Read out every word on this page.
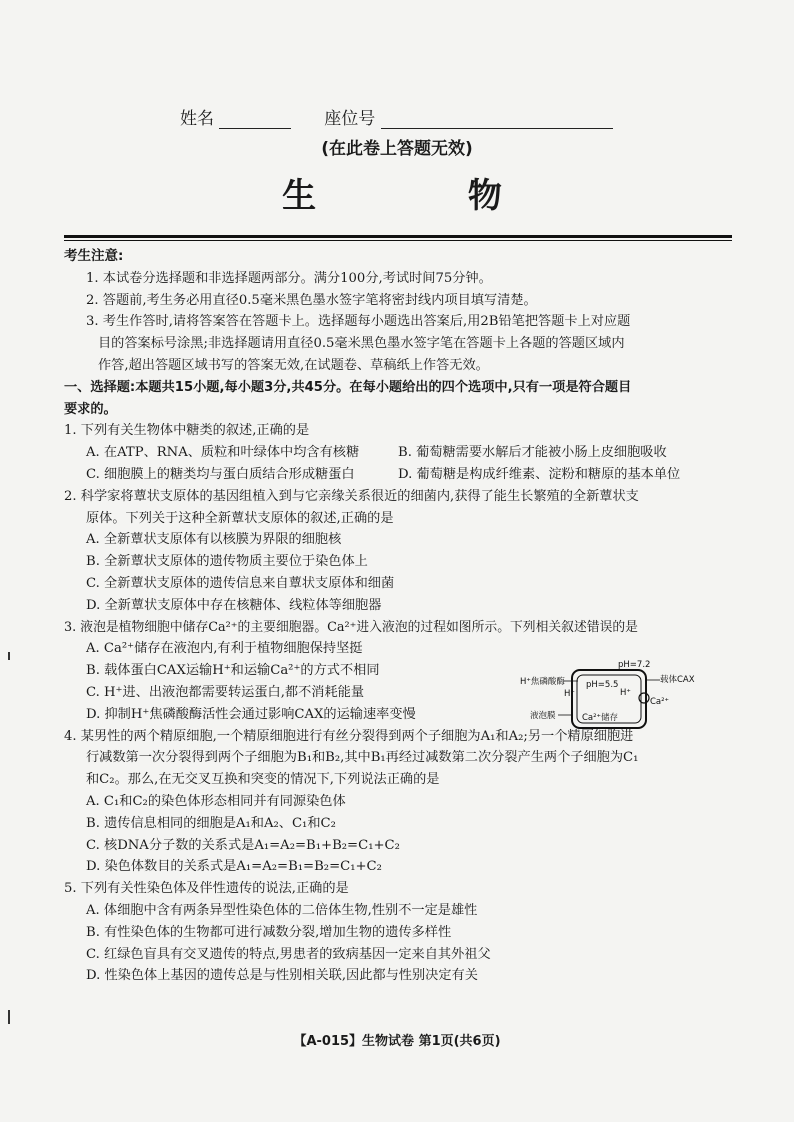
姓名	座位号
(在此卷上答题无效)
生 物

考生注意:

1. 本试卷分选择题和非选择题两部分。满分100分,考试时间75分钟。

2. 答题前,考生务必用直径0.5毫米黑色墨水签字笔将密封线内项目填写清楚。

3. 考生作答时,请将答案答在答题卡上。选择题每小题选出答案后,用2B铅笔把答题卡上对应题

目的答案标号涂黑;非选择题请用直径0.5毫米黑色墨水签字笔在答题卡上各题的答题区域内

作答,超出答题区域书写的答案无效,在试题卷、草稿纸上作答无效。

一、选择题:本题共15小题,每小题3分,共45分。在每小题给出的四个选项中,只有一项是符合题目

要求的。

1. 下列有关生物体中糖类的叙述,正确的是

A. 在ATP、RNA、质粒和叶绿体中均含有核糖	B. 葡萄糖需要水解后才能被小肠上皮细胞吸收

C. 细胞膜上的糖类均与蛋白质结合形成糖蛋白	D. 葡萄糖是构成纤维素、淀粉和糖原的基本单位

2. 科学家将蕈状支原体的基因组植入到与它亲缘关系很近的细菌内,获得了能生长繁殖的全新蕈状支

原体。下列关于这种全新蕈状支原体的叙述,正确的是

A. 全新蕈状支原体有以核膜为界限的细胞核

B. 全新蕈状支原体的遗传物质主要位于染色体上

C. 全新蕈状支原体的遗传信息来自蕈状支原体和细菌

D. 全新蕈状支原体中存在核糖体、线粒体等细胞器

3. 液泡是植物细胞中储存Ca²⁺的主要细胞器。Ca²⁺进入液泡的过程如图所示。下列相关叙述错误的是

A. Ca²⁺储存在液泡内,有利于植物细胞保持坚挺

B. 载体蛋白CAX运输H⁺和运输Ca²⁺的方式不相同

C. H⁺进、出液泡都需要转运蛋白,都不消耗能量

D. 抑制H⁺焦磷酸酶活性会通过影响CAX的运输速率变慢

4. 某男性的两个精原细胞,一个精原细胞进行有丝分裂得到两个子细胞为A₁和A₂;另一个精原细胞进

行减数第一次分裂得到两个子细胞为B₁和B₂,其中B₁再经过减数第二次分裂产生两个子细胞为C₁

和C₂。那么,在无交叉互换和突变的情况下,下列说法正确的是

A. C₁和C₂的染色体形态相同并有同源染色体

B. 遗传信息相同的细胞是A₁和A₂、C₁和C₂

C. 核DNA分子数的关系式是A₁=A₂=B₁+B₂=C₁+C₂

D. 染色体数目的关系式是A₁=A₂=B₁=B₂=C₁+C₂

5. 下列有关性染色体及伴性遗传的说法,正确的是

A. 体细胞中含有两条异型性染色体的二倍体生物,性别不一定是雄性

B. 有性染色体的生物都可进行减数分裂,增加生物的遗传多样性

C. 红绿色盲具有交叉遗传的特点,男患者的致病基因一定来自其外祖父

D. 性染色体上基因的遗传总是与性别相关联,因此都与性别决定有关

pH=7.2
H⁺焦磷酸酶 pH=5.5
H⁺	H⁺
载体CAX
Ca²⁺
液泡膜	Ca²⁺储存
【A-015】生物试卷 第1页(共6页)
